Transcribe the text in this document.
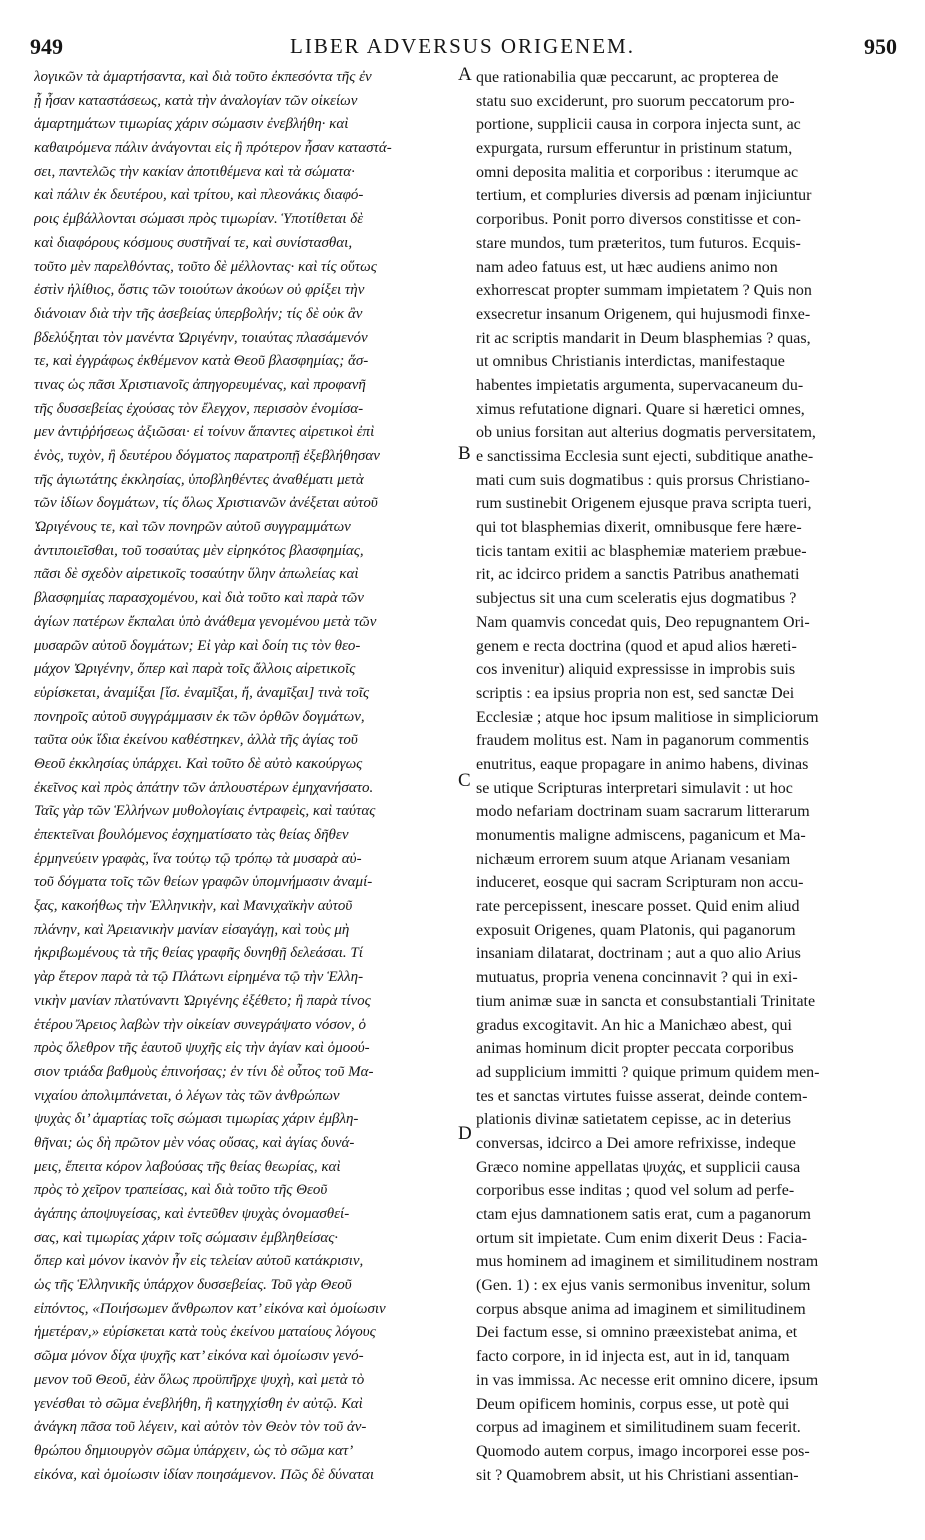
949	LIBER ADVERSUS ORIGENEM.	950
λογικῶν τὰ ἁμαρτήσαντα, καὶ διὰ τοῦτο ἐκπεσόντα τῆς ἐν
ᾗ ἦσαν καταστάσεως, κατὰ τὴν ἀναλογίαν τῶν οἰκείων
ἁμαρτημάτων τιμωρίας χάριν σώμασιν ἐνεβλήθη· καὶ
καθαιρόμενα πάλιν ἀνάγονται εἰς ἣ πρότερον ἦσαν καταστά-
σει, παντελῶς τὴν κακίαν ἀποτιθέμενα καὶ τὰ σώματα·
καὶ πάλιν ἐκ δευτέρου, καὶ τρίτου, καὶ πλεονάκις διαφό-
ροις ἐμβάλλονται σώμασι πρὸς τιμωρίαν. Ὑποτίθεται δὲ
καὶ διαφόρους κόσμους συστῆναί τε, καὶ συνίστασθαι,
τοῦτο μὲν παρελθόντας, τοῦτο δὲ μέλλοντας· καὶ τίς οὕτως
ἐστὶν ἠλίθιος, ὅστις τῶν τοιούτων ἀκούων οὐ φρίξει τὴν
διάνοιαν διὰ τὴν τῆς ἀσεβείας ὑπερβολήν; τίς δὲ οὐκ ἂν
βδελύξηται τὸν μανέντα Ὠριγένην, τοιαύτας πλασάμενόν
τε, καὶ ἐγγράφως ἐκθέμενον κατὰ Θεοῦ βλασφημίας; ἅσ-
τινας ὡς πᾶσι Χριστιανοῖς ἀπηγορευμένας, καὶ προφανῆ
τῆς δυσσεβείας ἐχούσας τὸν ἔλεγχον, περισσὸν ἐνομίσα-
μεν ἀντιῤῥήσεως ἀξιῶσαι· εἰ τοίνυν ἅπαντες αἱρετικοὶ ἐπὶ
ἑνὸς, τυχὸν, ἢ δευτέρου δόγματος παρατροπῇ ἐξεβλήθησαν
τῆς ἁγιωτάτης ἐκκλησίας, ὑποβληθέντες ἀναθέματι μετὰ
τῶν ἰδίων δογμάτων, τίς ὅλως Χριστιανῶν ἀνέξεται αὐτοῦ
Ὠριγένους τε, καὶ τῶν πονηρῶν αὐτοῦ συγγραμμάτων
ἀντιποιεῖσθαι, τοῦ τοσαύτας μὲν εἰρηκότος βλασφημίας,
πᾶσι δὲ σχεδὸν αἱρετικοῖς τοσαύτην ὕλην ἀπωλείας καὶ
βλασφημίας παρασχομένου, καὶ διὰ τοῦτο καὶ παρὰ τῶν
ἁγίων πατέρων ἔκπαλαι ὑπὸ ἀνάθεμα γενομένου μετὰ τῶν
μυσαρῶν αὐτοῦ δογμάτων; Εἰ γὰρ καὶ δοίη τις τὸν θεο-
μάχον Ὠριγένην, ὅπερ καὶ παρὰ τοῖς ἄλλοις αἱρετικοῖς
εὑρίσκεται, ἀναμίξαι [ἴσ. ἐναμῖξαι, ἤ, ἀναμῖξαι] τινὰ τοῖς
πονηροῖς αὐτοῦ συγγράμμασιν ἐκ τῶν ὀρθῶν δογμάτων,
ταῦτα οὐκ ἴδια ἐκείνου καθέστηκεν, ἀλλὰ τῆς ἁγίας τοῦ
Θεοῦ ἐκκλησίας ὑπάρχει. Καὶ τοῦτο δὲ αὐτὸ κακούργως
ἐκεῖνος καὶ πρὸς ἀπάτην τῶν ἁπλουστέρων ἐμηχανήσατο.
Ταῖς γὰρ τῶν Ἑλλήνων μυθολογίαις ἐντραφεὶς, καὶ ταύτας
ἐπεκτεῖναι βουλόμενος ἐσχηματίσατο τὰς θείας δῆθεν
ἑρμηνεύειν γραφὰς, ἵνα τούτῳ τῷ τρόπῳ τὰ μυσαρὰ αὐ-
τοῦ δόγματα τοῖς τῶν θείων γραφῶν ὑπομνήμασιν ἀναμί-
ξας, κακοήθως τὴν Ἑλληνικὴν, καὶ Μανιχαϊκὴν αὐτοῦ
πλάνην, καὶ Ἀρειανικὴν μανίαν εἰσαγάγῃ, καὶ τοὺς μὴ
ἠκριβωμένους τὰ τῆς θείας γραφῆς δυνηθῇ δελεάσαι. Τί
γὰρ ἕτερον παρὰ τὰ τῷ Πλάτωνι εἰρημένα τῷ τὴν Ἑλλη-
νικὴν μανίαν πλατύναντι Ὠριγένης ἐξέθετο; ἢ παρὰ τίνος
ἑτέρου Ἄρειος λαβὼν τὴν οἰκείαν συνεγράψατο νόσον, ὁ
πρὸς ὄλεθρον τῆς ἑαυτοῦ ψυχῆς εἰς τὴν ἁγίαν καὶ ὁμοού-
σιον τριάδα βαθμοὺς ἐπινοήσας; ἐν τίνι δὲ οὗτος τοῦ Μα-
νιχαίου ἀπολιμπάνεται, ὁ λέγων τὰς τῶν ἀνθρώπων
ψυχὰς δι’ ἁμαρτίας τοῖς σώμασι τιμωρίας χάριν ἐμβλη-
θῆναι; ὡς δὴ πρῶτον μὲν νόας οὔσας, καὶ ἁγίας δυνά-
μεις, ἔπειτα κόρον λαβούσας τῆς θείας θεωρίας, καὶ
πρὸς τὸ χεῖρον τραπείσας, καὶ διὰ τοῦτο τῆς Θεοῦ
ἀγάπης ἀποψυγείσας, καὶ ἐντεῦθεν ψυχὰς ὀνομασθεί-
σας, καὶ τιμωρίας χάριν τοῖς σώμασιν ἐμβληθείσας·
ὅπερ καὶ μόνον ἱκανὸν ἦν εἰς τελείαν αὐτοῦ κατάκρισιν,
ὡς τῆς Ἑλληνικῆς ὑπάρχον δυσσεβείας. Τοῦ γὰρ Θεοῦ
εἰπόντος, «Ποιήσωμεν ἄνθρωπον κατ’ εἰκόνα καὶ ὁμοίωσιν
ἡμετέραν,» εὑρίσκεται κατὰ τοὺς ἐκείνου ματαίους λόγους
σῶμα μόνον δίχα ψυχῆς κατ’ εἰκόνα καὶ ὁμοίωσιν γενό-
μενον τοῦ Θεοῦ, ἐὰν ὅλως προϋπῆρχε ψυχὴ, καὶ μετὰ τὸ
γενέσθαι τὸ σῶμα ἐνεβλήθη, ἢ κατηγχίσθη ἐν αὐτῷ. Καὶ
ἀνάγκη πᾶσα τοῦ λέγειν, καὶ αὐτὸν τὸν Θεὸν τὸν τοῦ ἀν-
θρώπου δημιουργὸν σῶμα ὑπάρχειν, ὡς τὸ σῶμα κατ’
εἰκόνα, καὶ ὁμοίωσιν ἰδίαν ποιησάμενον. Πῶς δὲ δύναται
A
B
C
D
que rationabilia quæ peccarunt, ac propterea de
statu suo exciderunt, pro suorum peccatorum pro-
portione, supplicii causa in corpora injecta sunt, ac
expurgata, rursum efferuntur in pristinum statum,
omni deposita malitia et corporibus : iterumque ac
tertium, et compluries diversis ad pœnam injiciuntur
corporibus. Ponit porro diversos constitisse et con-
stare mundos, tum præteritos, tum futuros. Ecquis-
nam adeo fatuus est, ut hæc audiens animo non
exhorrescat propter summam impietatem ? Quis non
exsecretur insanum Origenem, qui hujusmodi finxe-
rit ac scriptis mandarit in Deum blasphemias ? quas,
ut omnibus Christianis interdictas, manifestaque
habentes impietatis argumenta, supervacaneum du-
ximus refutatione dignari. Quare si hæretici omnes,
ob unius forsitan aut alterius dogmatis perversitatem,
e sanctissima Ecclesia sunt ejecti, subditique anathe-
mati cum suis dogmatibus : quis prorsus Christiano-
rum sustinebit Origenem ejusque prava scripta tueri,
qui tot blasphemias dixerit, omnibusque fere hære-
ticis tantam exitii ac blasphemiæ materiem præbue-
rit, ac idcirco pridem a sanctis Patribus anathemati
subjectus sit una cum sceleratis ejus dogmatibus ?
Nam quamvis concedat quis, Deo repugnantem Ori-
genem e recta doctrina (quod et apud alios hæreti-
cos invenitur) aliquid expressisse in improbis suis
scriptis : ea ipsius propria non est, sed sanctæ Dei
Ecclesiæ ; atque hoc ipsum malitiose in simpliciorum
fraudem molitus est. Nam in paganorum commentis
enutritus, eaque propagare in animo habens, divinas
se utique Scripturas interpretari simulavit : ut hoc
modo nefariam doctrinam suam sacrarum litterarum
monumentis maligne admiscens, paganicum et Ma-
nichæum errorem suum atque Arianam vesaniam
induceret, eosque qui sacram Scripturam non accu-
rate percepissent, inescare posset. Quid enim aliud
exposuit Origenes, quam Platonis, qui paganorum
insaniam dilatarat, doctrinam ; aut a quo alio Arius
mutuatus, propria venena concinnavit ? qui in exi-
tium animæ suæ in sancta et consubstantiali Trinitate
gradus excogitavit. An hic a Manichæo abest, qui
animas hominum dicit propter peccata corporibus
ad supplicium immitti ? quique primum quidem men-
tes et sanctas virtutes fuisse asserat, deinde contem-
plationis divinæ satietatem cepisse, ac in deterius
conversas, idcirco a Dei amore refrixisse, indeque
Græco nomine appellatas ψυχάς, et supplicii causa
corporibus esse inditas ; quod vel solum ad perfe-
ctam ejus damnationem satis erat, cum a paganorum
ortum sit impietate. Cum enim dixerit Deus : Facia-
mus hominem ad imaginem et similitudinem nostram
(Gen. 1) : ex ejus vanis sermonibus invenitur, solum
corpus absque anima ad imaginem et similitudinem
Dei factum esse, si omnino præexistebat anima, et
facto corpore, in id injecta est, aut in id, tanquam
in vas immissa. Ac necesse erit omnino dicere, ipsum
Deum opificem hominis, corpus esse, ut potè qui
corpus ad imaginem et similitudinem suam fecerit.
Quomodo autem corpus, imago incorporei esse pos-
sit ? Quamobrem absit, ut his Christiani assentian-
